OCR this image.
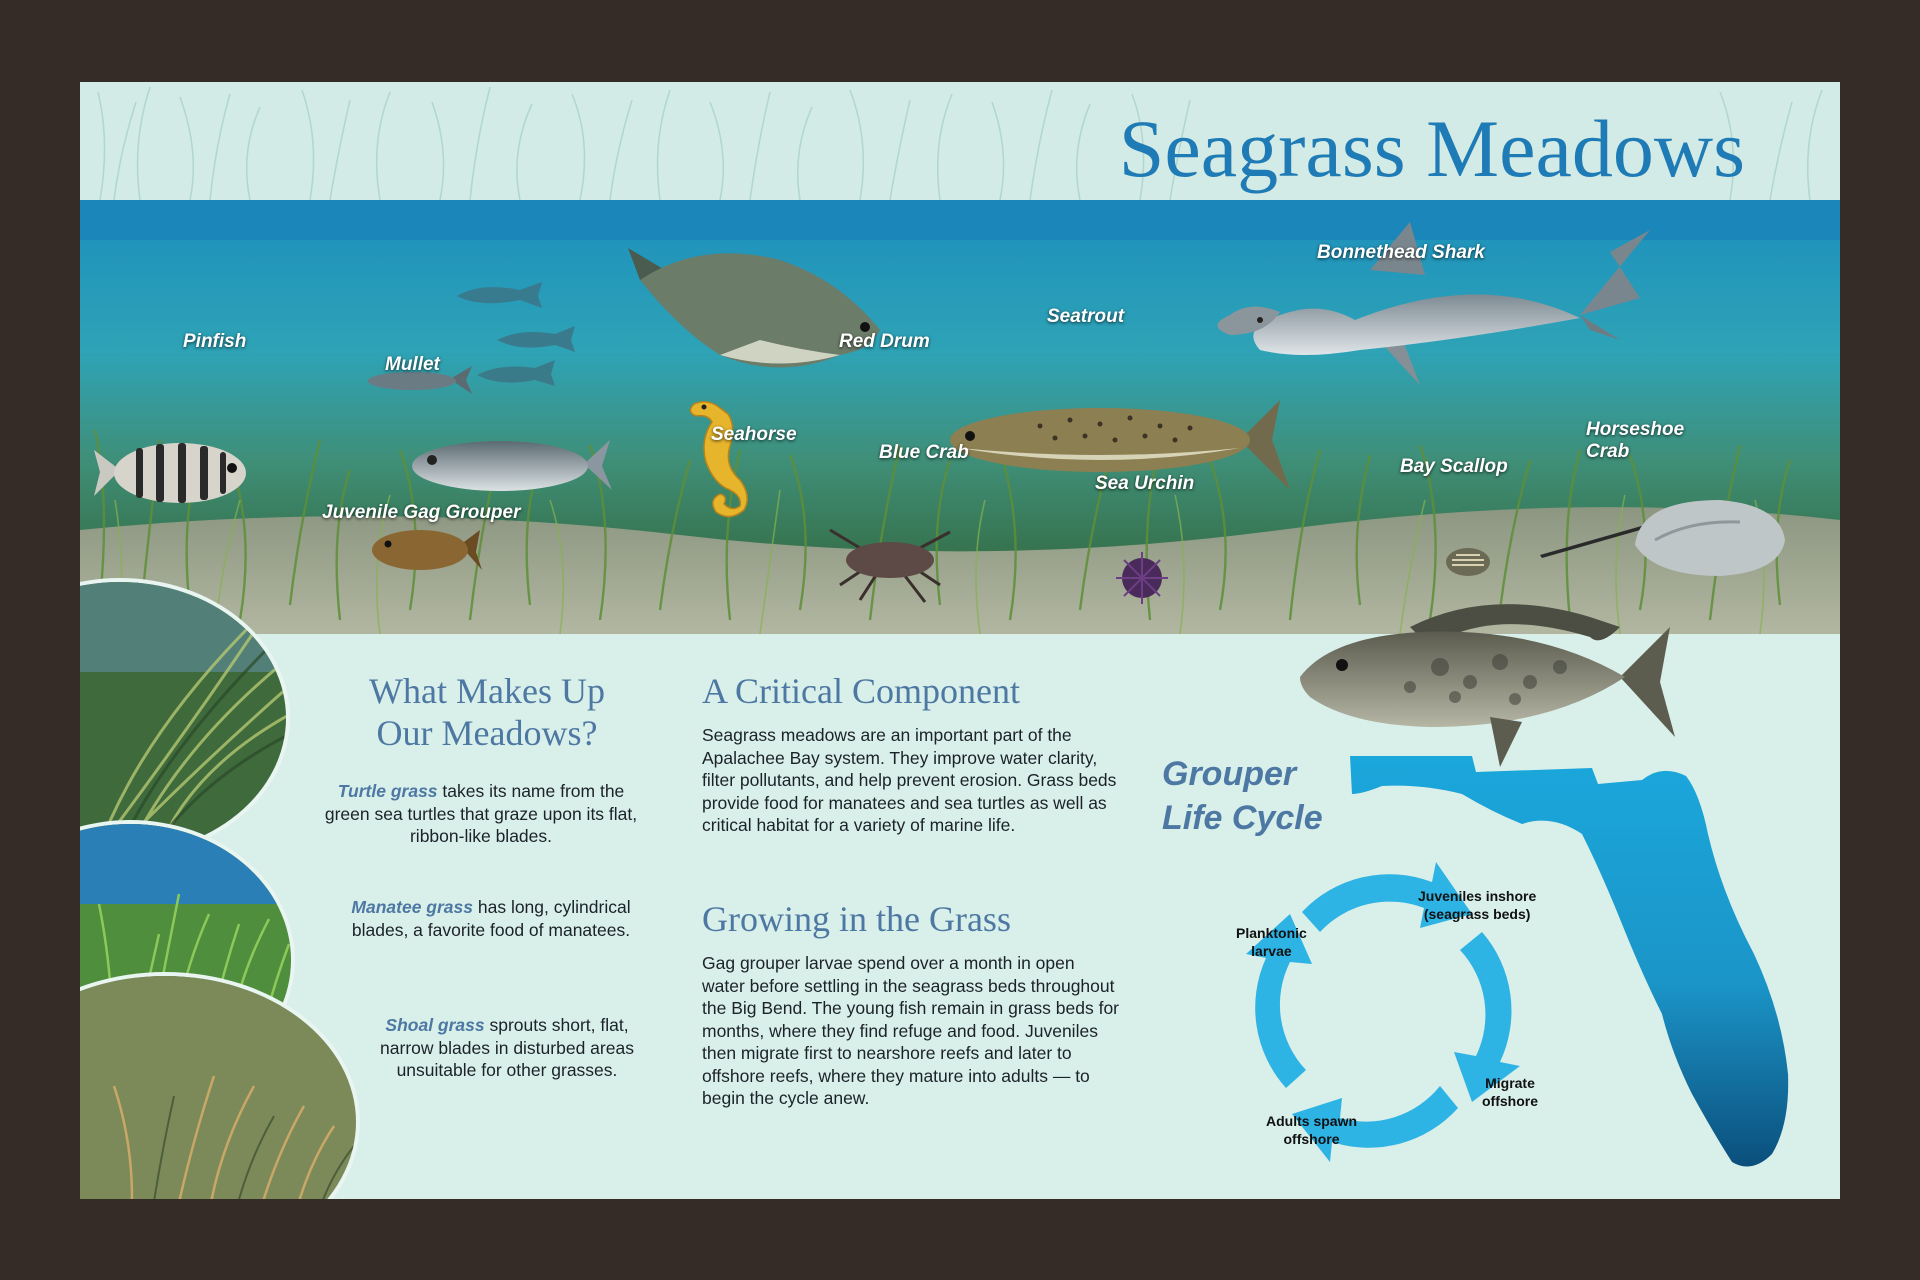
Seagrass Meadows
Pinfish
Mullet
Seahorse
Red Drum
Seatrout
Bonnethead Shark
Blue Crab
Sea Urchin
Bay Scallop
Horseshoe Crab
Juvenile Gag Grouper
What Makes Up
Our Meadows?

Turtle grass takes its name from the green sea turtles that graze upon its flat, ribbon-like blades.

Manatee grass has long, cylindrical blades, a favorite food of manatees.

Shoal grass sprouts short, flat, narrow blades in disturbed areas unsuitable for other grasses.

A Critical Component

Seagrass meadows are an important part of the Apalachee Bay system. They improve water clarity, filter pollutants, and help prevent erosion. Grass beds provide food for manatees and sea turtles as well as critical habitat for a variety of marine life.

Growing in the Grass

Gag grouper larvae spend over a month in open water before settling in the seagrass beds throughout the Big Bend. The young fish remain in grass beds for months, where they find refuge and food. Juveniles then migrate first to nearshore reefs and later to offshore reefs, where they mature into adults — to begin the cycle anew.

Grouper
Life Cycle
Juveniles inshore
(seagrass beds)
Migrate
offshore
Adults spawn
offshore
Planktonic
larvae
